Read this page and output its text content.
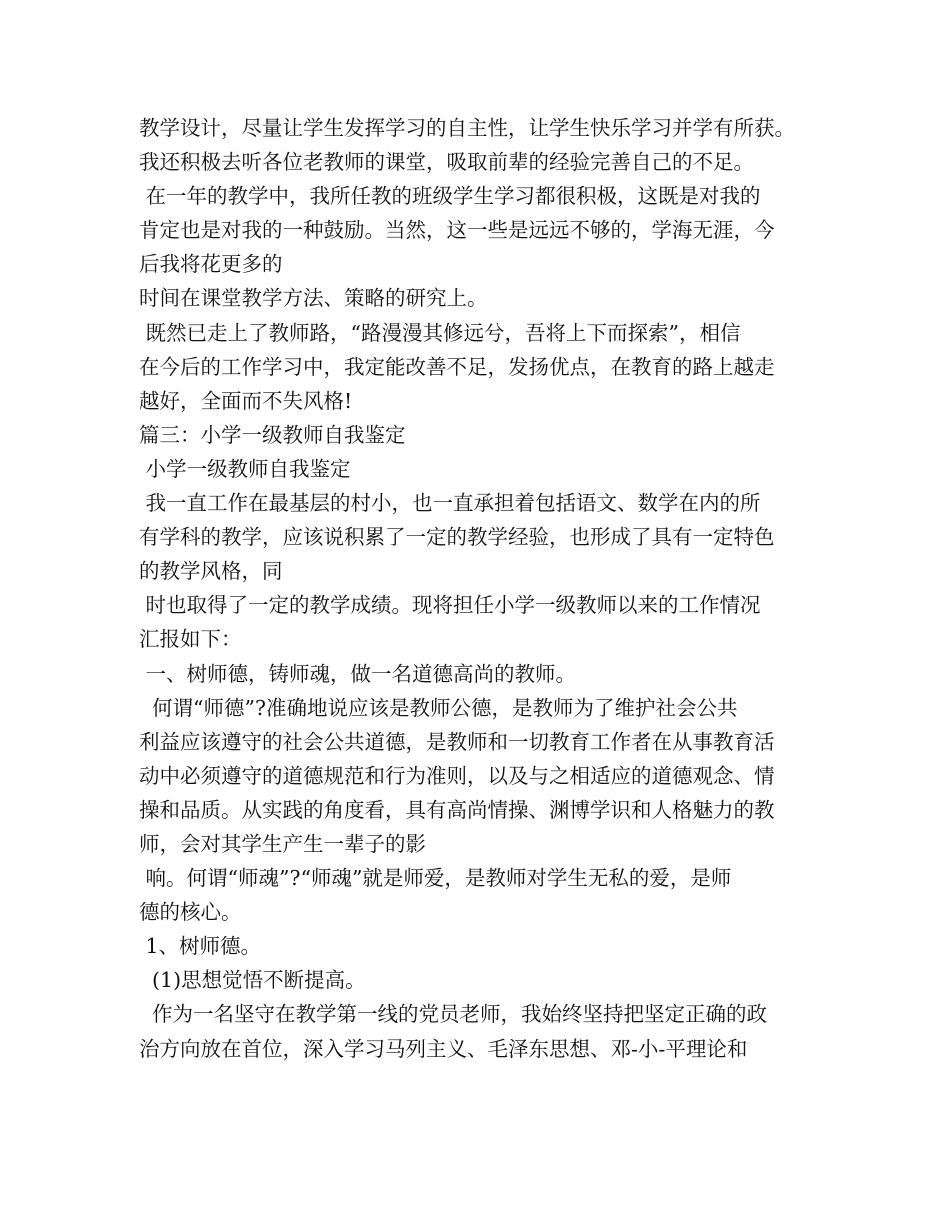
教学设计，尽量让学生发挥学习的自主性，让学生快乐学习并学有所获。
我还积极去听各位老教师的课堂，吸取前辈的经验完善自己的不足。
在一年的教学中，我所任教的班级学生学习都很积极，这既是对我的
肯定也是对我的一种鼓励。当然，这一些是远远不够的，学海无涯，今
后我将花更多的
时间在课堂教学方法、策略的研究上。
既然已走上了教师路，“路漫漫其修远兮，吾将上下而探索”，相信
在今后的工作学习中，我定能改善不足，发扬优点，在教育的路上越走
越好，全面而不失风格!
篇三：小学一级教师自我鉴定
小学一级教师自我鉴定
我一直工作在最基层的村小，也一直承担着包括语文、数学在内的所
有学科的教学，应该说积累了一定的教学经验，也形成了具有一定特色
的教学风格，同
时也取得了一定的教学成绩。现将担任小学一级教师以来的工作情况
汇报如下：
一、树师德，铸师魂，做一名道德高尚的教师。
何谓“师德”?准确地说应该是教师公德，是教师为了维护社会公共
利益应该遵守的社会公共道德，是教师和一切教育工作者在从事教育活
动中必须遵守的道德规范和行为准则，以及与之相适应的道德观念、情
操和品质。从实践的角度看，具有高尚情操、渊博学识和人格魅力的教
师，会对其学生产生一辈子的影
响。何谓“师魂”?“师魂”就是师爱，是教师对学生无私的爱，是师
德的核心。
1、树师德。
(1)思想觉悟不断提高。
作为一名坚守在教学第一线的党员老师，我始终坚持把坚定正确的政
治方向放在首位，深入学习马列主义、毛泽东思想、邓-小-平理论和
